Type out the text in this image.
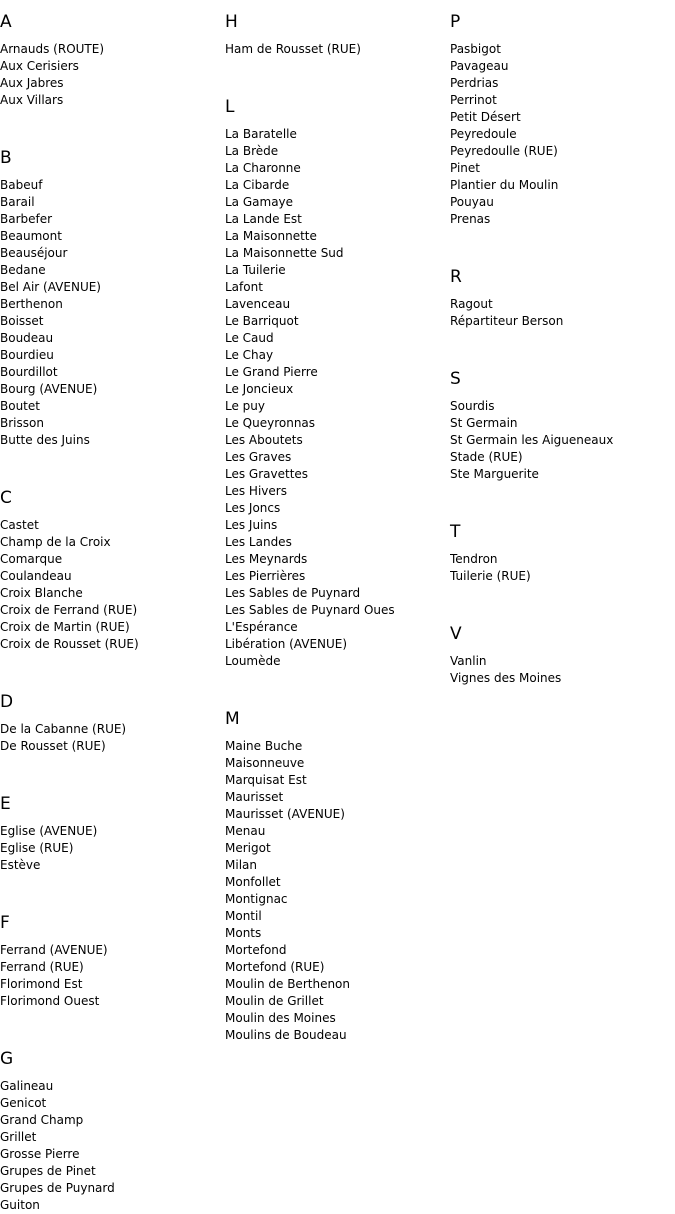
A
Arnauds (ROUTE)
Aux Cerisiers
Aux Jabres
Aux Villars
B
Babeuf
Barail
Barbefer
Beaumont
Beauséjour
Bedane
Bel Air (AVENUE)
Berthenon
Boisset
Boudeau
Bourdieu
Bourdillot
Bourg (AVENUE)
Boutet
Brisson
Butte des Juins
C
Castet
Champ de la Croix
Comarque
Coulandeau
Croix Blanche
Croix de Ferrand (RUE)
Croix de Martin (RUE)
Croix de Rousset (RUE)
D
De la Cabanne (RUE)
De Rousset (RUE)
E
Eglise (AVENUE)
Eglise (RUE)
Estève
F
Ferrand (AVENUE)
Ferrand (RUE)
Florimond Est
Florimond Ouest
G
Galineau
Genicot
Grand Champ
Grillet
Grosse Pierre
Grupes de Pinet
Grupes de Puynard
Guiton
H
Ham de Rousset (RUE)
L
La Baratelle
La Brède
La Charonne
La Cibarde
La Gamaye
La Lande Est
La Maisonnette
La Maisonnette Sud
La Tuilerie
Lafont
Lavenceau
Le Barriquot
Le Caud
Le Chay
Le Grand Pierre
Le Joncieux
Le puy
Le Queyronnas
Les Aboutets
Les Graves
Les Gravettes
Les Hivers
Les Joncs
Les Juins
Les Landes
Les Meynards
Les Pierrières
Les Sables de Puynard
Les Sables de Puynard Oues
L'Espérance
Libération (AVENUE)
Loumède
M
Maine Buche
Maisonneuve
Marquisat Est
Maurisset
Maurisset (AVENUE)
Menau
Merigot
Milan
Monfollet
Montignac
Montil
Monts
Mortefond
Mortefond (RUE)
Moulin de Berthenon
Moulin de Grillet
Moulin des Moines
Moulins de Boudeau
P
Pasbigot
Pavageau
Perdrias
Perrinot
Petit Désert
Peyredoule
Peyredoulle (RUE)
Pinet
Plantier du Moulin
Pouyau
Prenas
R
Ragout
Répartiteur Berson
S
Sourdis
St Germain
St Germain les Aigueneaux
Stade (RUE)
Ste Marguerite
T
Tendron
Tuilerie (RUE)
V
Vanlin
Vignes des Moines
